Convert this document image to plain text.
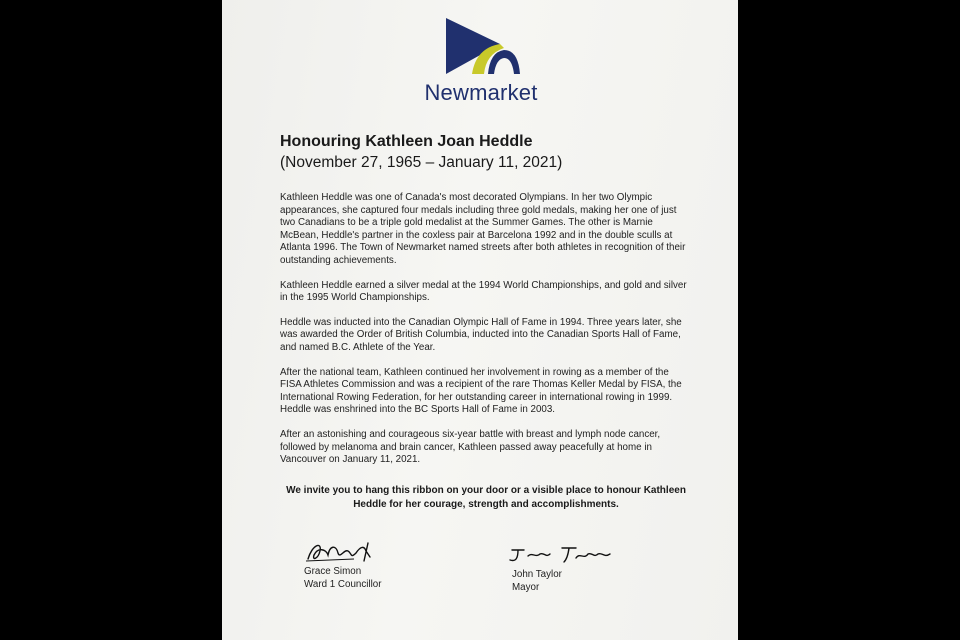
Newmarket
Honouring Kathleen Joan Heddle
(November 27, 1965 – January 11, 2021)

Kathleen Heddle was one of Canada's most decorated Olympians. In her two Olympic appearances, she captured four medals including three gold medals, making her one of just two Canadians to be a triple gold medalist at the Summer Games. The other is Marnie McBean, Heddle's partner in the coxless pair at Barcelona 1992 and in the double sculls at Atlanta 1996. The Town of Newmarket named streets after both athletes in recognition of their outstanding achievements.

Kathleen Heddle earned a silver medal at the 1994 World Championships, and gold and silver in the 1995 World Championships.

Heddle was inducted into the Canadian Olympic Hall of Fame in 1994. Three years later, she was awarded the Order of British Columbia, inducted into the Canadian Sports Hall of Fame, and named B.C. Athlete of the Year.

After the national team, Kathleen continued her involvement in rowing as a member of the FISA Athletes Commission and was a recipient of the rare Thomas Keller Medal by FISA, the International Rowing Federation, for her outstanding career in international rowing in 1999. Heddle was enshrined into the BC Sports Hall of Fame in 2003.

After an astonishing and courageous six-year battle with breast and lymph node cancer, followed by melanoma and brain cancer, Kathleen passed away peacefully at home in Vancouver on January 11, 2021.

We invite you to hang this ribbon on your door or a visible place to honour Kathleen Heddle for her courage, strength and accomplishments.
Grace Simon
Ward 1 Councillor
John Taylor
Mayor
